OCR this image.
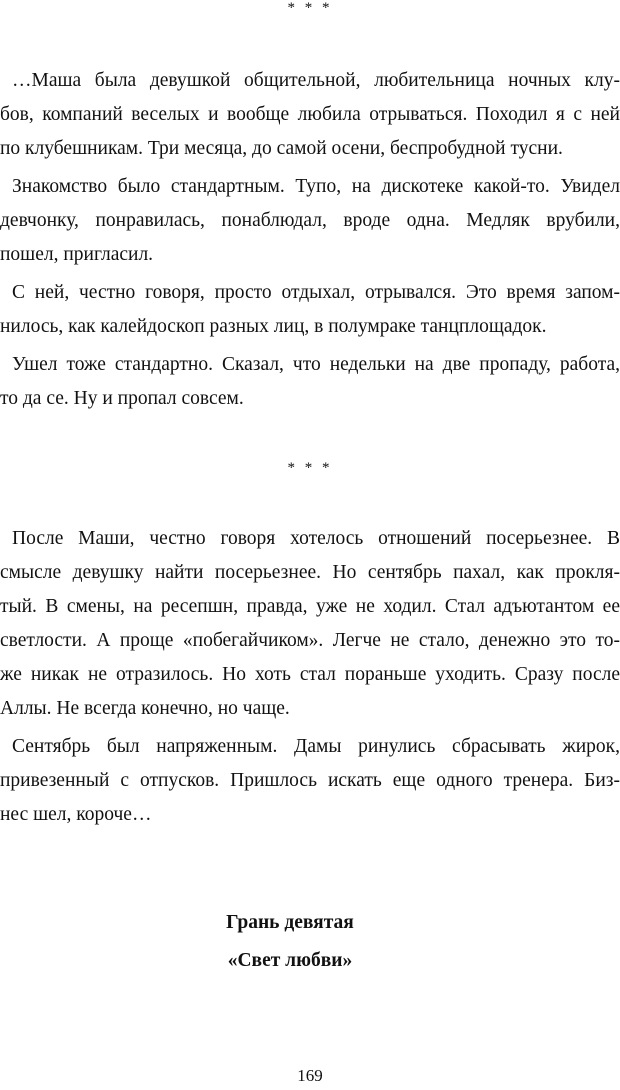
* * *
…Маша была девушкой общительной, любительница ночных клу-
бов, компаний веселых и вообще любила отрываться. Походил я с ней
по клубешникам. Три месяца, до самой осени, беспробудной тусни.
Знакомство было стандартным. Тупо, на дискотеке какой-то. Увидел
девчонку, понравилась, понаблюдал, вроде одна. Медляк врубили,
пошел, пригласил.
С ней, честно говоря, просто отдыхал, отрывался. Это время запом-
нилось, как калейдоскоп разных лиц, в полумраке танцплощадок.
Ушел тоже стандартно. Сказал, что недельки на две пропаду, работа,
то да се. Ну и пропал совсем.
* * *
После Маши, честно говоря хотелось отношений посерьезнее. В
смысле девушку найти посерьезнее. Но сентябрь пахал, как прокля-
тый. В смены, на ресепшн, правда, уже не ходил. Стал адъютантом ее
светлости. А проще «побегайчиком». Легче не стало, денежно это то-
же никак не отразилось. Но хоть стал пораньше уходить. Сразу после
Аллы. Не всегда конечно, но чаще.
Сентябрь был напряженным. Дамы ринулись сбрасывать жирок,
привезенный с отпусков. Пришлось искать еще одного тренера. Биз-
нес шел, короче…
Грань девятая
«Свет любви»
169
